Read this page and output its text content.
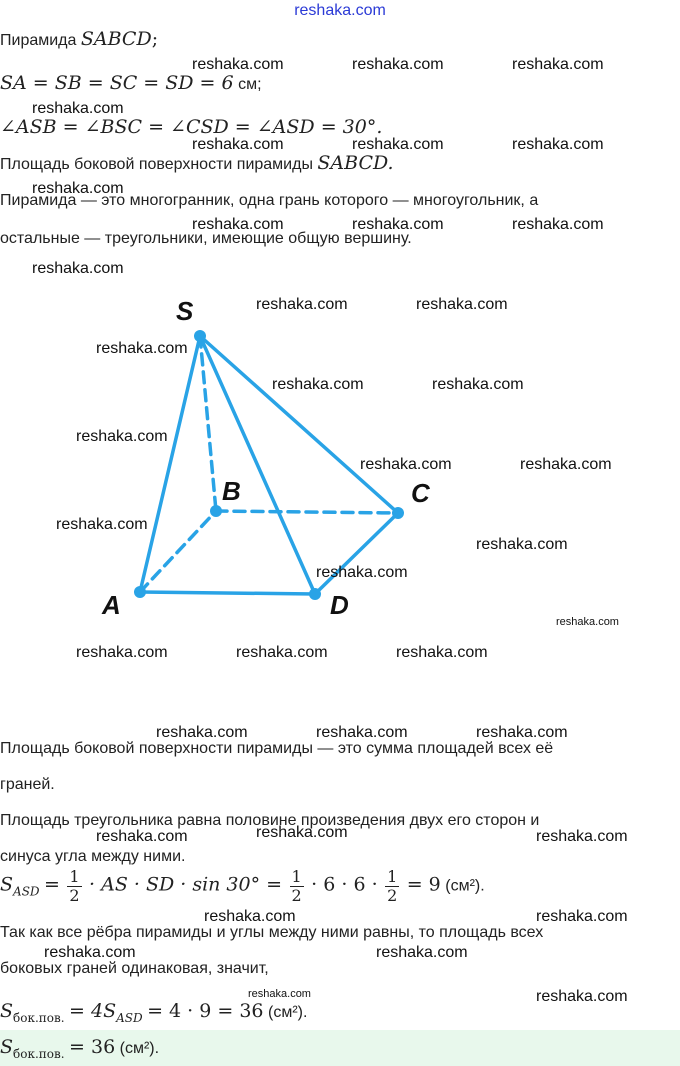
reshaka.com
Пирамида SABCD;
SA = SB = SC = SD = 6 см;
∠ASB = ∠BSC = ∠CSD = ∠ASD = 30°.
Площадь боковой поверхности пирамиды SABCD.
Пирамида — это многогранник, одна грань которого — многоугольник, а
остальные — треугольники, имеющие общую вершину.
S
B	C
A	D
Площадь боковой поверхности пирамиды — это сумма площадей всех её
граней.
Площадь треугольника равна половине произведения двух его сторон и
синуса угла между ними.
$S_{ASD} = \frac{1}{2}$ · AS · SD · $\sin 30^\circ = \frac{1}{2} \cdot 6 \cdot 6 \cdot \frac{1}{2} = 9$ (см²).
Так как все рёбра пирамиды и углы между ними равны, то площадь всех
боковых граней одинаковая, значит,
$S_{бок.пов.} = 4S_{ASD} = 4 \cdot 9 = 36$ (см²).
$S_{бок.пов.} = 36$ (см²).
reshaka.com	reshaka.com	reshaka.com
reshaka.com
reshaka.com	reshaka.com	reshaka.com
reshaka.com
reshaka.com	reshaka.com	reshaka.com
reshaka.com
reshaka.com	reshaka.com
reshaka.com
reshaka.com	reshaka.com
reshaka.com
reshaka.com	reshaka.com
reshaka.com
reshaka.com
reshaka.com
reshaka.com
reshaka.com	reshaka.com	reshaka.com
reshaka.com	reshaka.com	reshaka.com
reshaka.com	reshaka.com	reshaka.com
reshaka.com	reshaka.com
reshaka.com	reshaka.com
reshaka.com	reshaka.com
